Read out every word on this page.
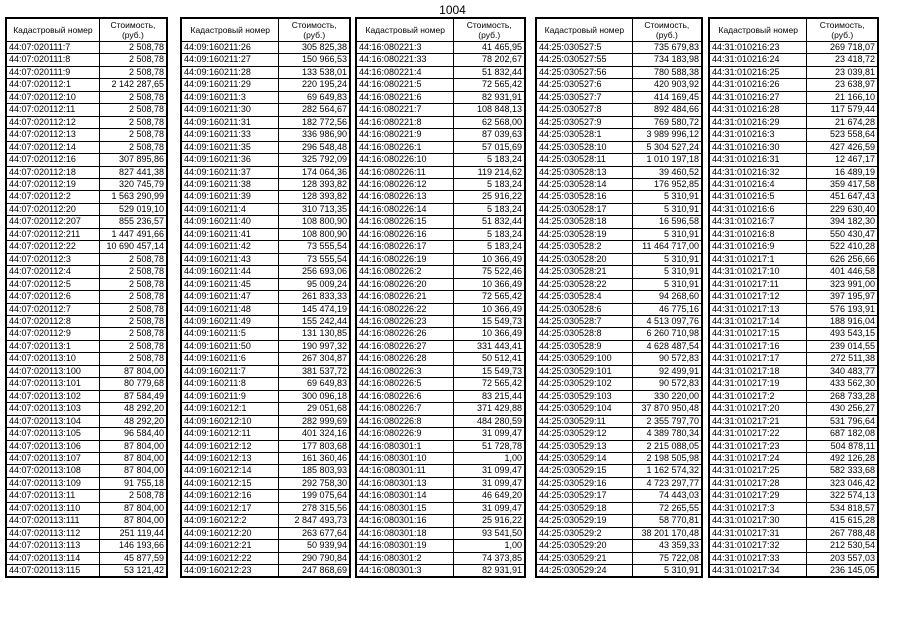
1004
Кадастровый номер	Стоимость, (руб.)
44:07:020111:7	2 508,78
44:07:020111:8	2 508,78
44:07:020111:9	2 508,78
44:07:020112:1	2 142 287,65
44:07:020112:10	2 508,78
44:07:020112:11	2 508,78
44:07:020112:12	2 508,78
44:07:020112:13	2 508,78
44:07:020112:14	2 508,78
44:07:020112:16	307 895,86
44:07:020112:18	827 441,38
44:07:020112:19	320 745,79
44:07:020112:2	1 563 290,99
44:07:020112:20	529 019,10
44:07:020112:207	855 236,57
44:07:020112:211	1 447 491,66
44:07:020112:22	10 690 457,14
44:07:020112:3	2 508,78
44:07:020112:4	2 508,78
44:07:020112:5	2 508,78
44:07:020112:6	2 508,78
44:07:020112:7	2 508,78
44:07:020112:8	2 508,78
44:07:020112:9	2 508,78
44:07:020113:1	2 508,78
44:07:020113:10	2 508,78
44:07:020113:100	87 804,00
44:07:020113:101	80 779,68
44:07:020113:102	87 584,49
44:07:020113:103	48 292,20
44:07:020113:104	48 292,20
44:07:020113:105	96 584,40
44:07:020113:106	87 804,00
44:07:020113:107	87 804,00
44:07:020113:108	87 804,00
44:07:020113:109	91 755,18
44:07:020113:11	2 508,78
44:07:020113:110	87 804,00
44:07:020113:111	87 804,00
44:07:020113:112	251 119,44
44:07:020113:113	146 193,66
44:07:020113:114	45 877,59
44:07:020113:115	53 121,42
Кадастровый номер	Стоимость, (руб.)
44:09:160211:26	305 825,38
44:09:160211:27	150 966,53
44:09:160211:28	133 538,01
44:09:160211:29	220 195,24
44:09:160211:3	69 649,83
44:09:160211:30	282 564,67
44:09:160211:31	182 772,56
44:09:160211:33	336 986,90
44:09:160211:35	296 548,48
44:09:160211:36	325 792,09
44:09:160211:37	174 064,36
44:09:160211:38	128 393,82
44:09:160211:39	128 393,82
44:09:160211:4	310 713,35
44:09:160211:40	108 800,90
44:09:160211:41	108 800,90
44:09:160211:42	73 555,54
44:09:160211:43	73 555,54
44:09:160211:44	256 693,06
44:09:160211:45	95 009,24
44:09:160211:47	261 833,33
44:09:160211:48	145 474,19
44:09:160211:49	155 242,44
44:09:160211:5	131 130,85
44:09:160211:50	190 997,32
44:09:160211:6	267 304,87
44:09:160211:7	381 537,72
44:09:160211:8	69 649,83
44:09:160211:9	300 096,18
44:09:160212:1	29 051,68
44:09:160212:10	282 999,69
44:09:160212:11	401 324,16
44:09:160212:12	177 803,68
44:09:160212:13	161 360,46
44:09:160212:14	185 803,93
44:09:160212:15	292 758,30
44:09:160212:16	199 075,64
44:09:160212:17	278 315,56
44:09:160212:2	2 847 493,73
44:09:160212:20	263 677,64
44:09:160212:21	50 939,94
44:09:160212:22	290 790,84
44:09:160212:23	247 868,69
Кадастровый номер	Стоимость, (руб.)
44:16:080221:3	41 465,95
44:16:080221:33	78 202,67
44:16:080221:4	51 832,44
44:16:080221:5	72 565,42
44:16:080221:6	82 931,91
44:16:080221:7	108 848,13
44:16:080221:8	62 568,00
44:16:080221:9	87 039,63
44:16:080226:1	57 015,69
44:16:080226:10	5 183,24
44:16:080226:11	119 214,62
44:16:080226:12	5 183,24
44:16:080226:13	25 916,22
44:16:080226:14	5 183,24
44:16:080226:15	51 832,44
44:16:080226:16	5 183,24
44:16:080226:17	5 183,24
44:16:080226:19	10 366,49
44:16:080226:2	75 522,46
44:16:080226:20	10 366,49
44:16:080226:21	72 565,42
44:16:080226:22	10 366,49
44:16:080226:23	15 549,73
44:16:080226:26	10 366,49
44:16:080226:27	331 443,41
44:16:080226:28	50 512,41
44:16:080226:3	15 549,73
44:16:080226:5	72 565,42
44:16:080226:6	83 215,44
44:16:080226:7	371 429,88
44:16:080226:8	484 280,59
44:16:080226:9	31 099,47
44:16:080301:1	51 728,78
44:16:080301:10	1,00
44:16:080301:11	31 099,47
44:16:080301:13	31 099,47
44:16:080301:14	46 649,20
44:16:080301:15	31 099,47
44:16:080301:16	25 916,22
44:16:080301:18	93 541,50
44:16:080301:19	1,00
44:16:080301:2	74 373,85
44:16:080301:3	82 931,91
Кадастровый номер	Стоимость, (руб.)
44:25:030527:5	735 679,83
44:25:030527:55	734 183,98
44:25:030527:56	780 588,38
44:25:030527:6	420 903,92
44:25:030527:7	414 169,45
44:25:030527:8	892 484,66
44:25:030527:9	769 580,72
44:25:030528:1	3 989 996,12
44:25:030528:10	5 304 527,24
44:25:030528:11	1 010 197,18
44:25:030528:13	39 460,52
44:25:030528:14	176 952,85
44:25:030528:16	5 310,91
44:25:030528:17	5 310,91
44:25:030528:18	16 596,58
44:25:030528:19	5 310,91
44:25:030528:2	11 464 717,00
44:25:030528:20	5 310,91
44:25:030528:21	5 310,91
44:25:030528:22	5 310,91
44:25:030528:4	94 268,60
44:25:030528:6	46 775,16
44:25:030528:7	4 513 097,76
44:25:030528:8	6 260 710,98
44:25:030528:9	4 628 487,54
44:25:030529:100	90 572,83
44:25:030529:101	92 499,91
44:25:030529:102	90 572,83
44:25:030529:103	330 220,00
44:25:030529:104	37 870 950,48
44:25:030529:11	2 355 797,70
44:25:030529:12	4 389 780,34
44:25:030529:13	2 215 088,05
44:25:030529:14	2 198 505,98
44:25:030529:15	1 162 574,32
44:25:030529:16	4 723 297,77
44:25:030529:17	74 443,03
44:25:030529:18	72 265,55
44:25:030529:19	58 770,81
44:25:030529:2	38 201 170,48
44:25:030529:20	43 359,33
44:25:030529:21	75 722,08
44:25:030529:24	5 310,91
Кадастровый номер	Стоимость, (руб.)
44:31:010216:23	269 718,07
44:31:010216:24	23 418,72
44:31:010216:25	23 039,81
44:31:010216:26	23 638,97
44:31:010216:27	21 166,10
44:31:010216:28	117 579,44
44:31:010216:29	21 674,28
44:31:010216:3	523 558,64
44:31:010216:30	427 426,59
44:31:010216:31	12 467,17
44:31:010216:32	16 489,19
44:31:010216:4	359 417,58
44:31:010216:5	451 647,43
44:31:010216:6	229 630,40
44:31:010216:7	394 182,30
44:31:010216:8	550 430,47
44:31:010216:9	522 410,28
44:31:010217:1	626 256,66
44:31:010217:10	401 446,58
44:31:010217:11	323 991,00
44:31:010217:12	397 195,97
44:31:010217:13	576 193,91
44:31:010217:14	188 916,04
44:31:010217:15	493 543,15
44:31:010217:16	239 014,55
44:31:010217:17	272 511,38
44:31:010217:18	340 483,77
44:31:010217:19	433 562,30
44:31:010217:2	268 733,28
44:31:010217:20	430 256,27
44:31:010217:21	531 796,64
44:31:010217:22	687 182,08
44:31:010217:23	504 878,11
44:31:010217:24	492 126,28
44:31:010217:25	582 333,68
44:31:010217:28	323 046,42
44:31:010217:29	322 574,13
44:31:010217:3	534 818,57
44:31:010217:30	415 615,28
44:31:010217:31	267 788,48
44:31:010217:32	212 530,54
44:31:010217:33	203 557,03
44:31:010217:34	236 145,05
